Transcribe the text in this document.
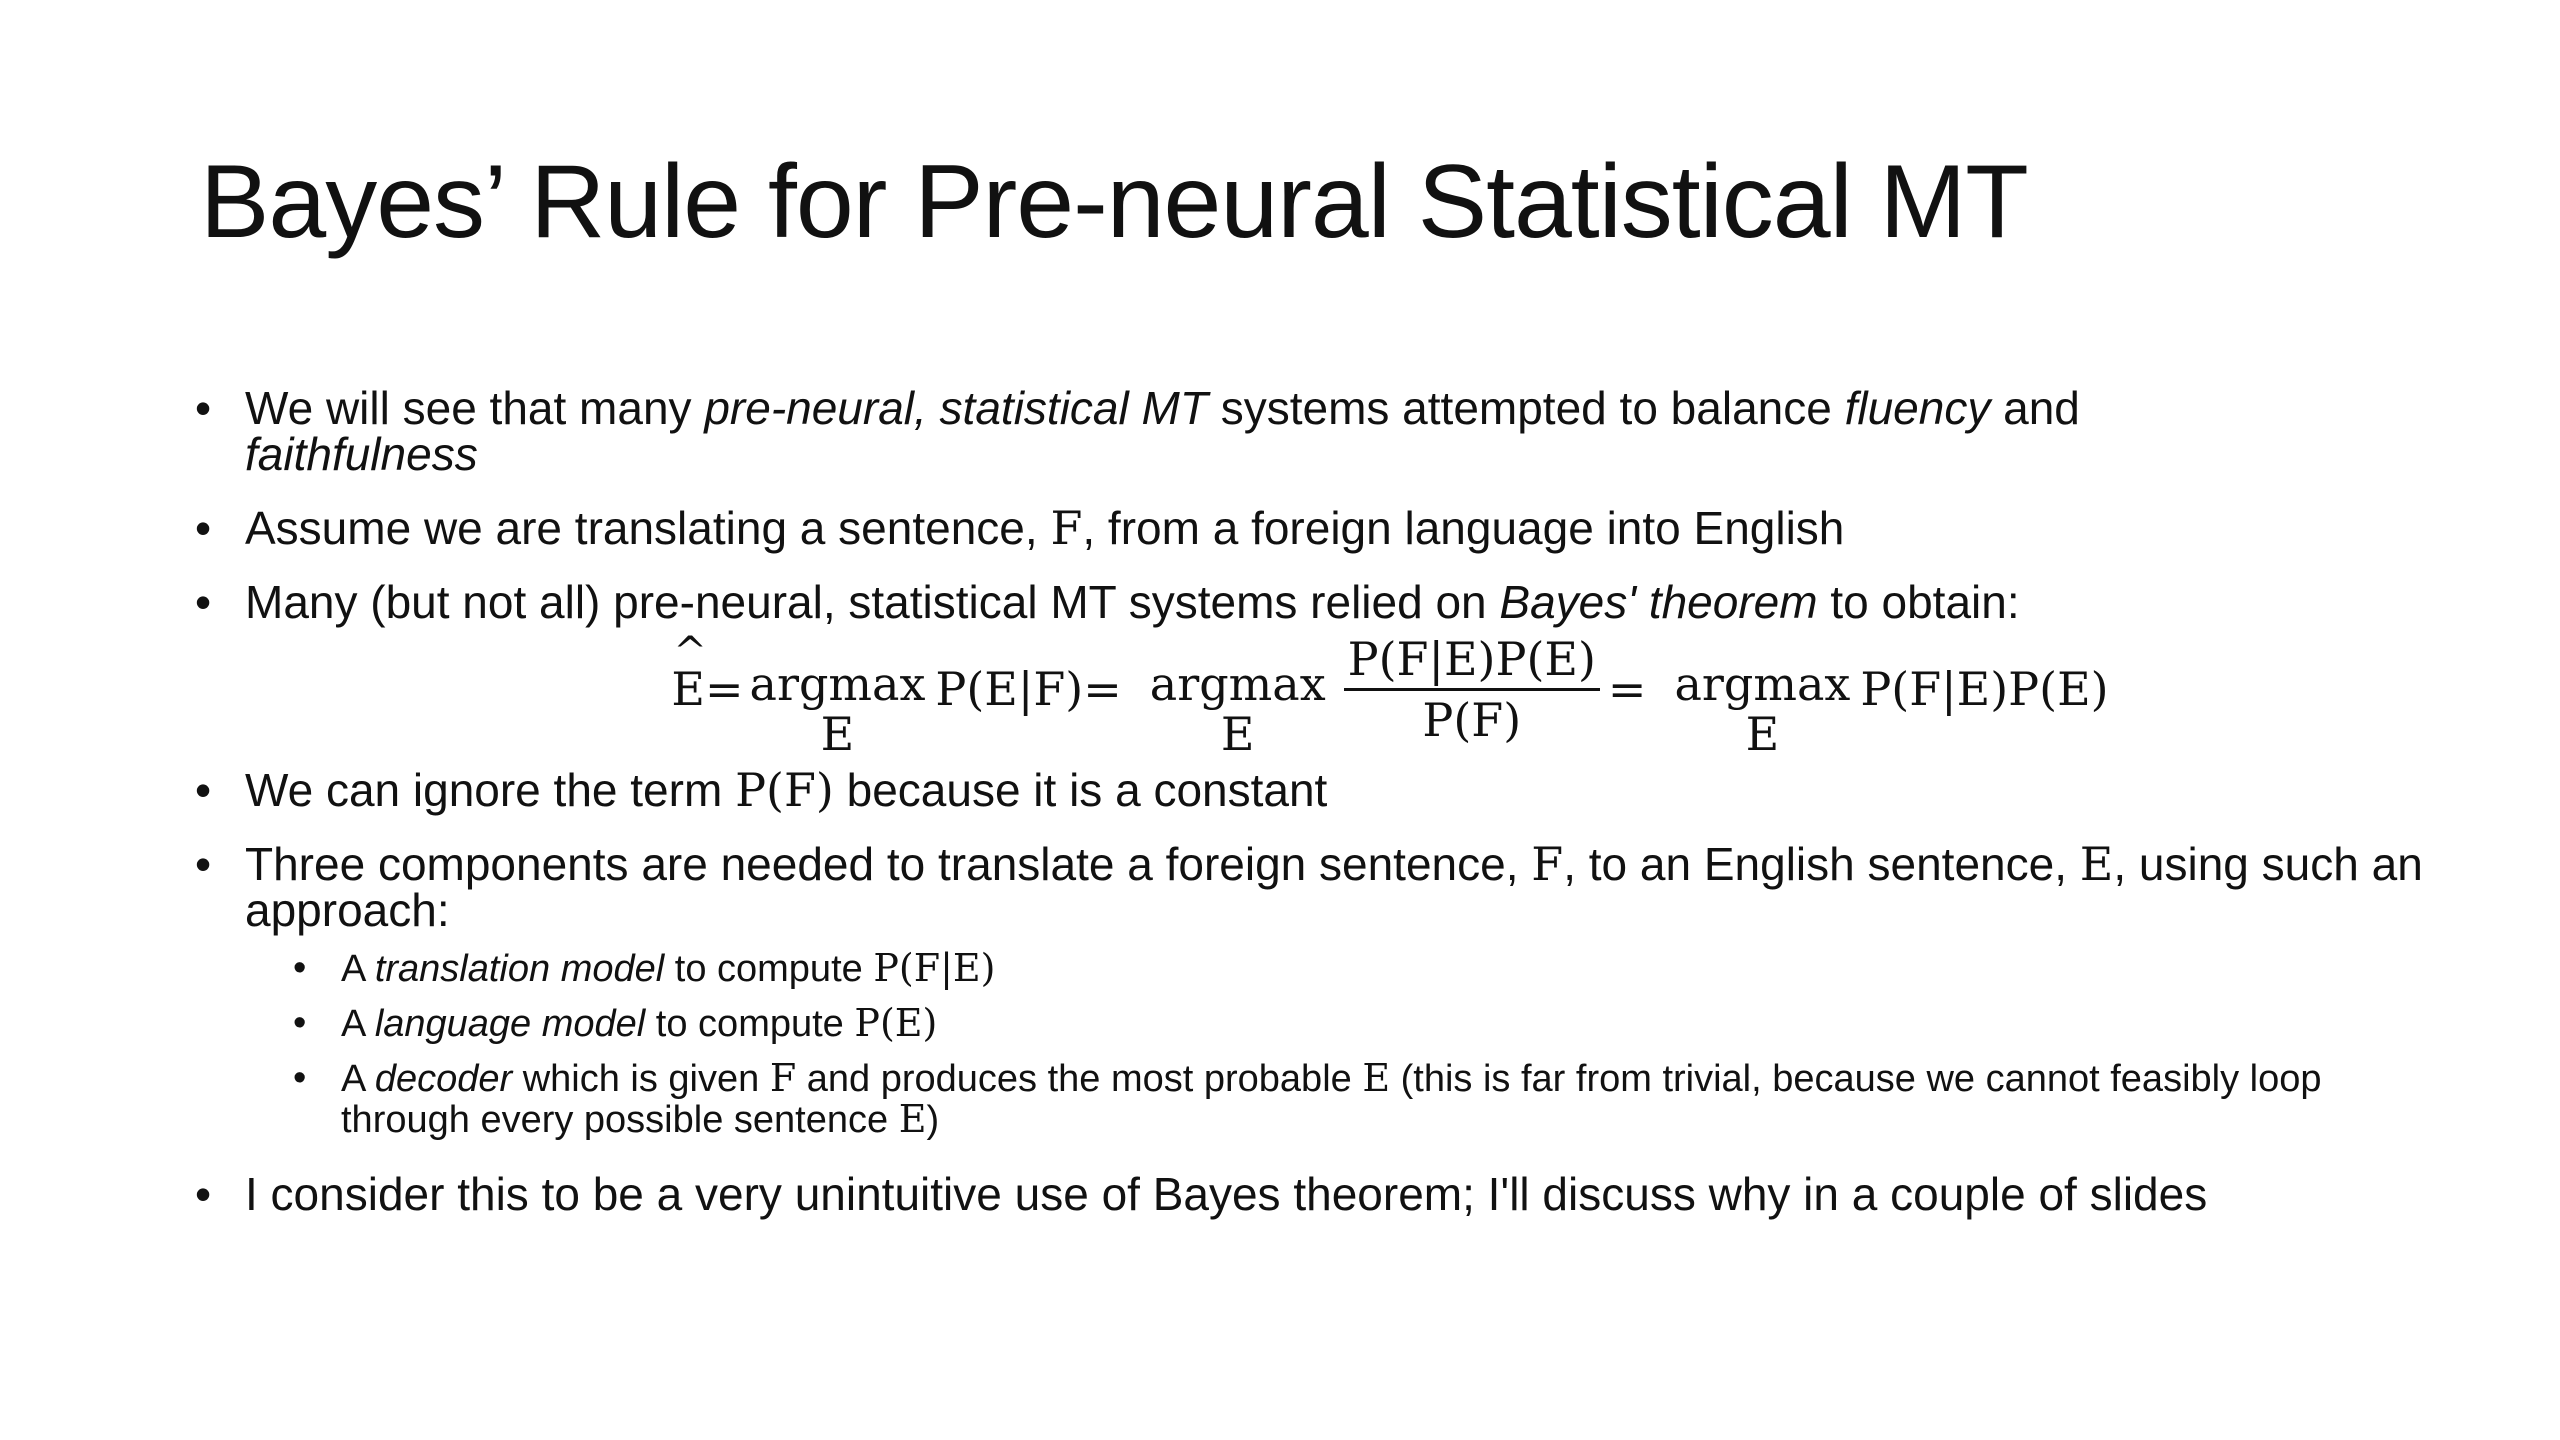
Bayes’ Rule for Pre-neural Statistical MT
• We will see that many pre-neural, statistical MT systems attempted to balance fluency and
faithfulness
• Assume we are translating a sentence, F, from a foreign language into English
• Many (but not all) pre-neural, statistical MT systems relied on Bayes' theorem to obtain:
^
E = argmax
E
P(E|F) = argmax
E $\frac{P(F|E)P(E)}{P(F)} = argmax$
E
P(F|E)P(E)
• We can ignore the term P(F) because it is a constant
• Three components are needed to translate a foreign sentence, F, to an English sentence, E, using such an approach:
• A translation model to compute P(F|E)
• A language model to compute P(E)
• A decoder which is given F and produces the most probable E (this is far from trivial, because we cannot feasibly loop through every possible sentence E)
• I consider this to be a very unintuitive use of Bayes theorem; I'll discuss why in a couple of slides
